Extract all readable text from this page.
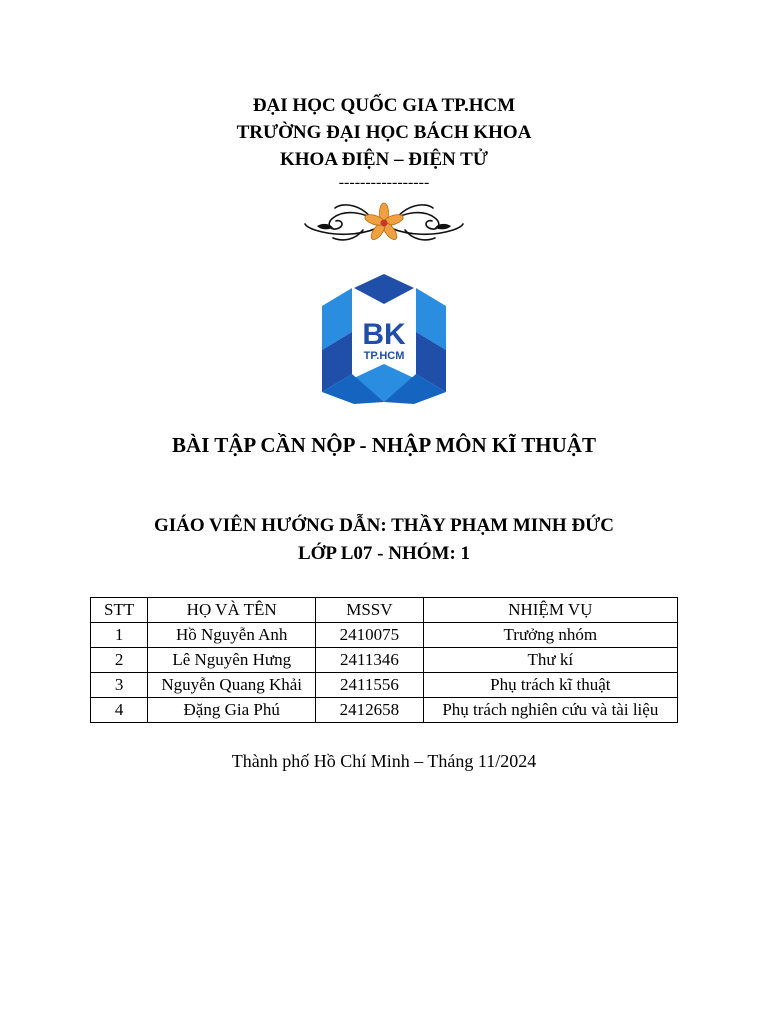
ĐẠI HỌC QUỐC GIA TP.HCM
TRƯỜNG ĐẠI HỌC BÁCH KHOA
KHOA ĐIỆN – ĐIỆN TỬ
-----------------
BK
TP.HCM
BÀI TẬP CẦN NỘP - NHẬP MÔN KĨ THUẬT
GIÁO VIÊN HƯỚNG DẪN: THẦY PHẠM MINH ĐỨC
LỚP L07 - NHÓM: 1
STT	HỌ VÀ TÊN	MSSV	NHIỆM VỤ
1	Hồ Nguyễn Anh	2410075	Trưởng nhóm
2	Lê Nguyên Hưng	2411346	Thư kí
3	Nguyễn Quang Khải	2411556	Phụ trách kĩ thuật
4	Đặng Gia Phú	2412658	Phụ trách nghiên cứu và tài liệu
Thành phố Hồ Chí Minh – Tháng 11/2024
